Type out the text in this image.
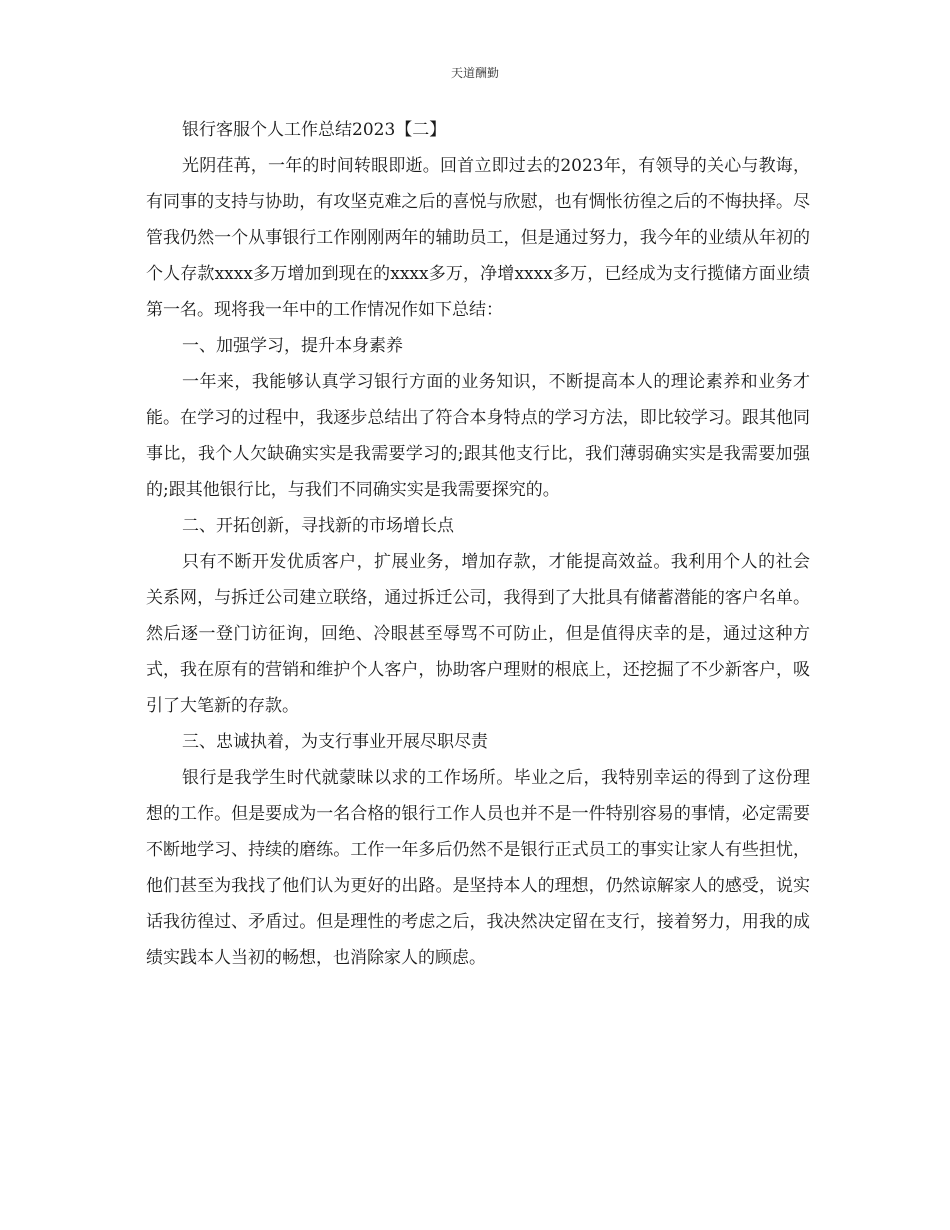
天道酬勤

银行客服个人工作总结2023【二】

光阴荏苒，一年的时间转眼即逝。回首立即过去的2023年，有领导的关心与教诲，有同事的支持与协助，有攻坚克难之后的喜悦与欣慰，也有惆怅彷徨之后的不悔抉择。尽管我仍然一个从事银行工作刚刚两年的辅助员工，但是通过努力，我今年的业绩从年初的个人存款xxxx多万增加到现在的xxxx多万，净增xxxx多万，已经成为支行揽储方面业绩第一名。现将我一年中的工作情况作如下总结：

一、加强学习，提升本身素养

一年来，我能够认真学习银行方面的业务知识，不断提高本人的理论素养和业务才能。在学习的过程中，我逐步总结出了符合本身特点的学习方法，即比较学习。跟其他同事比，我个人欠缺确实实是我需要学习的;跟其他支行比，我们薄弱确实实是我需要加强的;跟其他银行比，与我们不同确实实是我需要探究的。

二、开拓创新，寻找新的市场增长点

只有不断开发优质客户，扩展业务，增加存款，才能提高效益。我利用个人的社会关系网，与拆迁公司建立联络，通过拆迁公司，我得到了大批具有储蓄潜能的客户名单。然后逐一登门访征询，回绝、冷眼甚至辱骂不可防止，但是值得庆幸的是，通过这种方式，我在原有的营销和维护个人客户，协助客户理财的根底上，还挖掘了不少新客户，吸引了大笔新的存款。

三、忠诚执着，为支行事业开展尽职尽责

银行是我学生时代就蒙昧以求的工作场所。毕业之后，我特别幸运的得到了这份理想的工作。但是要成为一名合格的银行工作人员也并不是一件特别容易的事情，必定需要不断地学习、持续的磨练。工作一年多后仍然不是银行正式员工的事实让家人有些担忧，他们甚至为我找了他们认为更好的出路。是坚持本人的理想，仍然谅解家人的感受，说实话我彷徨过、矛盾过。但是理性的考虑之后，我决然决定留在支行，接着努力，用我的成绩实践本人当初的畅想，也消除家人的顾虑。
